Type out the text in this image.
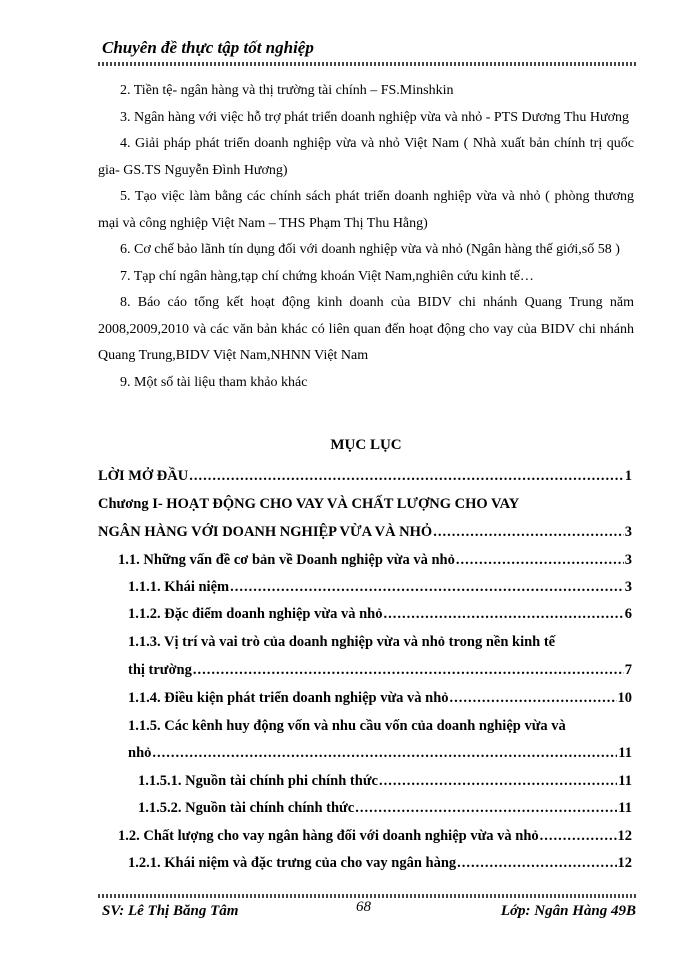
Chuyên đề thực tập tốt nghiệp

2. Tiền tệ- ngân hàng và thị trường tài chính – FS.Minshkin

3. Ngân hàng với việc hỗ trợ phát triển doanh nghiệp vừa và nhỏ - PTS Dương Thu Hương

4. Giải pháp phát triển doanh nghiệp vừa và nhỏ Việt Nam ( Nhà xuất bản chính trị quốc gia- GS.TS Nguyễn Đình Hương)

5. Tạo việc làm bằng các chính sách phát triển doanh nghiệp vừa và nhỏ ( phòng thương mại và công nghiệp Việt Nam – THS Phạm Thị Thu Hằng)

6. Cơ chế bảo lãnh tín dụng đối với doanh nghiệp vừa và nhỏ (Ngân hàng thế giới,số 58 )

7. Tạp chí ngân hàng,tạp chí chứng khoán Việt Nam,nghiên cứu kinh tế…

8. Báo cáo tổng kết hoạt động kinh doanh của BIDV chi nhánh Quang Trung năm 2008,2009,2010 và các văn bản khác có liên quan đến hoạt động cho vay của BIDV chi nhánh Quang Trung,BIDV Việt Nam,NHNN Việt Nam

9. Một số tài liệu tham khảo khác

MỤC LỤC
LỜI MỞ ĐẦU .....	1
Chương I- HOẠT ĐỘNG CHO VAY VÀ CHẤT LƯỢNG CHO VAY
NGÂN HÀNG VỚI DOANH NGHIỆP VỪA VÀ NHỎ .....	3
1.1. Những vấn đề cơ bản về Doanh nghiệp vừa và nhỏ .....	3
1.1.1. Khái niệm .....	3
1.1.2. Đặc điểm doanh nghiệp vừa và nhỏ .....	6
1.1.3. Vị trí và vai trò của doanh nghiệp vừa và nhỏ trong nền kinh tế
thị trường .....	7
1.1.4. Điều kiện phát triển doanh nghiệp vừa và nhỏ .....	10
1.1.5. Các kênh huy động vốn và nhu cầu vốn của doanh nghiệp vừa và
nhỏ .....	11
1.1.5.1. Nguồn tài chính phi chính thức .....	11
1.1.5.2. Nguồn tài chính chính thức .....	11
1.2. Chất lượng cho vay ngân hàng đối với doanh nghiệp vừa và nhỏ .....	12
1.2.1. Khái niệm và đặc trưng của cho vay ngân hàng .....	12
SV: Lê Thị Băng Tâm	68	Lớp: Ngân Hàng 49B
